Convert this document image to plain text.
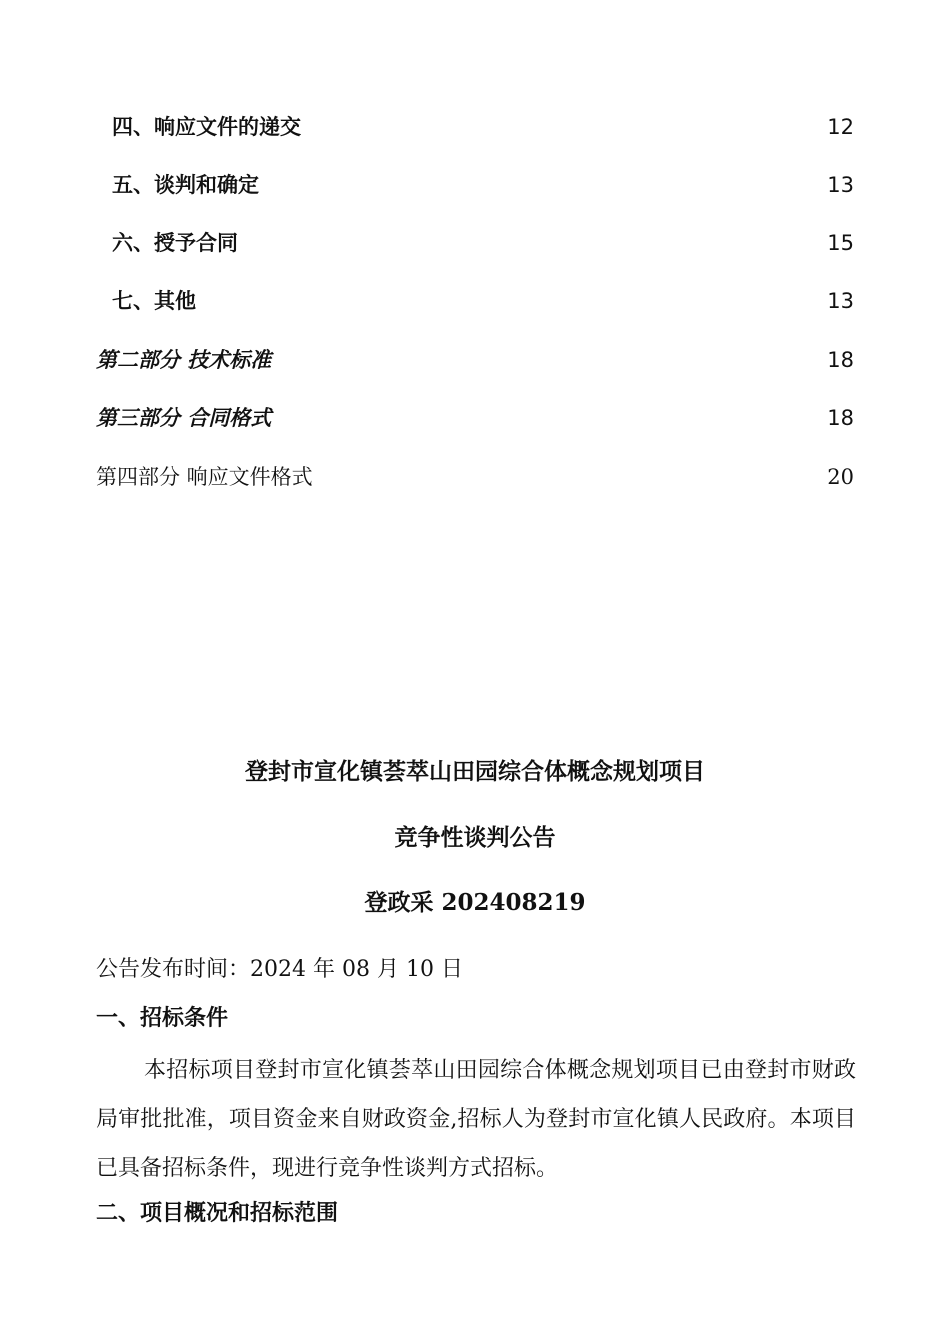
四、响应文件的递交	12
五、谈判和确定	13
六、授予合同	15
七、其他	13
第二部分 技术标准	18
第三部分 合同格式	18
第四部分 响应文件格式	20
登封市宣化镇荟萃山田园综合体概念规划项目
竞争性谈判公告
登政采 202408219
公告发布时间：2024 年 08 月 10 日
一、招标条件
本招标项目登封市宣化镇荟萃山田园综合体概念规划项目已由登封市财政局审批批准，项目资金来自财政资金,招标人为登封市宣化镇人民政府。本项目已具备招标条件，现进行竞争性谈判方式招标。
二、项目概况和招标范围
